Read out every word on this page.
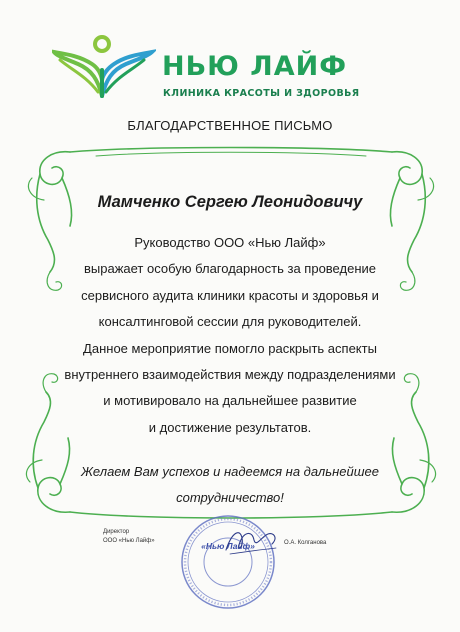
НЬЮ ЛАЙФ
КЛИНИКА КРАСОТЫ И ЗДОРОВЬЯ
БЛАГОДАРСТВЕННОЕ ПИСЬМО
Мамченко Сергею Леонидовичу
Руководство ООО «Нью Лайф»
выражает особую благодарность за проведение
сервисного аудита клиники красоты и здоровья и
консалтинговой сессии для руководителей.
Данное мероприятие помогло раскрыть аспекты
внутреннего взаимодействия между подразделениями
и мотивировало на дальнейшее развитие
и достижение результатов.
Желаем Вам успехов и надеемся на дальнейшее
сотрудничество!
Директор
ООО «Нью Лайф»	«Нью Лайф»	О.А. Колганова
